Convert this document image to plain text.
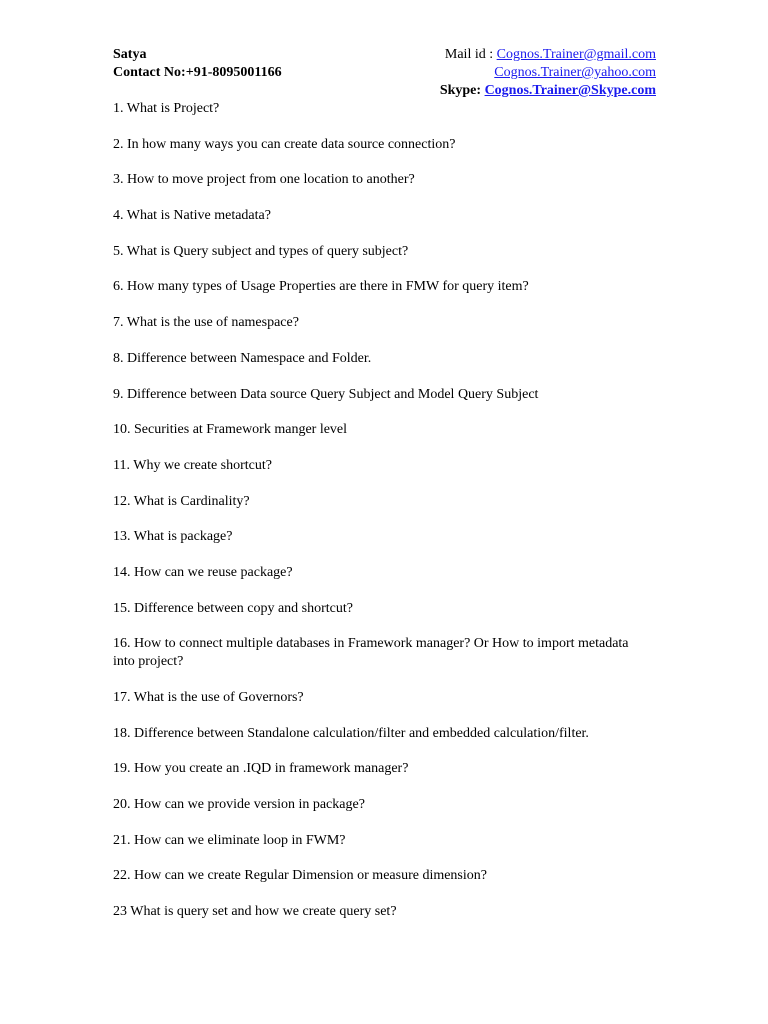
Satya
Contact No:+91-8095001166
Mail id : Cognos.Trainer@gmail.com
Cognos.Trainer@yahoo.com
Skype: Cognos.Trainer@Skype.com
1. What is Project?
2. In how many ways you can create data source connection?
3. How to move project from one location to another?
4. What is Native metadata?
5. What is Query subject and types of query subject?
6. How many types of Usage Properties are there in FMW for query item?
7. What is the use of namespace?
8. Difference between Namespace and Folder.
9. Difference between Data source Query Subject and Model Query Subject
10. Securities at Framework manger level
11. Why we create shortcut?
12. What is Cardinality?
13. What is package?
14. How can we reuse package?
15. Difference between copy and shortcut?
16. How to connect multiple databases in Framework manager? Or How to import metadata into project?
17. What is the use of Governors?
18. Difference between Standalone calculation/filter and embedded calculation/filter.
19. How you create an .IQD in framework manager?
20. How can we provide version in package?
21. How can we eliminate loop in FWM?
22. How can we create Regular Dimension or measure dimension?
23 What is query set and how we create query set?
